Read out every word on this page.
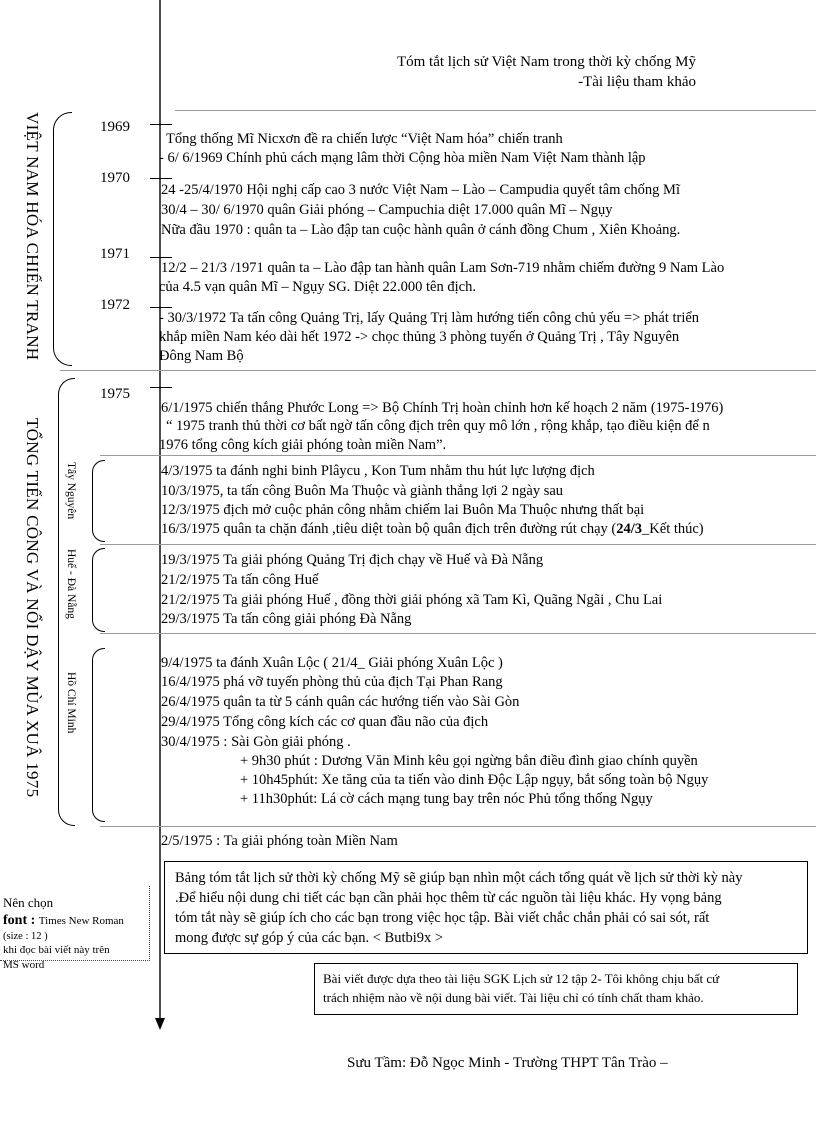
Tóm tắt lịch sử Việt Nam trong thời kỳ chống Mỹ
-Tài liệu tham khảo
VIỆT NAM HÓA CHIẾN TRANH
TỔNG TIẾN CÔNG VÀ NỔI DẬY MÙA XUÂ 1975 Tây Nguyên
Huế - Đà Nẵng
Hồ Chí Minh
1969
1970
1971
1972
1975
Tổng thống Mĩ Nicxơn đề ra chiến lược “Việt Nam hóa” chiến tranh
- 6/ 6/1969 Chính phủ cách mạng lâm thời Cộng hòa miền Nam Việt Nam thành lập
24 -25/4/1970 Hội nghị cấp cao 3 nước Việt Nam – Lào – Campudia quyết tâm chống Mĩ
30/4 – 30/ 6/1970 quân Giải phóng – Campuchia diệt 17.000 quân Mĩ – Ngụy
Nữa đầu 1970 : quân ta – Lào đập tan cuộc hành quân ở cánh đồng Chum , Xiên Khoảng.
12/2 – 21/3 /1971 quân ta – Lào đập tan hành quân Lam Sơn-719 nhằm chiếm đường 9 Nam Lào
của 4.5 vạn quân Mĩ – Ngụy SG. Diệt 22.000 tên địch.
- 30/3/1972 Ta tấn công Quảng Trị, lấy Quảng Trị làm hướng tiến công chủ yếu => phát triển
khắp miền Nam kéo dài hết 1972 -> chọc thủng 3 phòng tuyến ở Quảng Trị , Tây Nguyên
Đông Nam Bộ
6/1/1975 chiến thắng Phước Long => Bộ Chính Trị hoàn chỉnh hơn kế hoạch 2 năm (1975-1976)
“ 1975 tranh thủ thời cơ bất ngờ tấn công địch trên quy mô lớn , rộng khắp, tạo điều kiện để n
1976 tổng công kích giải phóng toàn miền Nam”.
4/3/1975 ta đánh nghi binh Plâycu , Kon Tum nhằm thu hút lực lượng địch
10/3/1975, ta tấn công Buôn Ma Thuộc và giành thắng lợi 2 ngày sau
12/3/1975 địch mở cuộc phản công nhằm chiếm lai Buôn Ma Thuộc nhưng thất bại
16/3/1975 quân ta chặn đánh ,tiêu diệt toàn bộ quân địch trên đường rút chạy (24/3_Kết thúc)
19/3/1975 Ta giải phóng Quảng Trị địch chạy về Huế và Đà Nẵng
21/2/1975 Ta tấn công Huế
21/2/1975 Ta giải phóng Huế , đồng thời giải phóng xã Tam Kì, Quãng Ngãi , Chu Lai
29/3/1975 Ta tấn công giải phóng Đà Nẵng
9/4/1975 ta đánh Xuân Lộc ( 21/4_ Giải phóng Xuân Lộc )
16/4/1975 phá vỡ tuyến phòng thủ của địch Tại Phan Rang
26/4/1975 quân ta từ 5 cánh quân các hướng tiến vào Sài Gòn
29/4/1975 Tổng công kích các cơ quan đầu não của địch
30/4/1975 : Sài Gòn giải phóng .
+ 9h30 phút : Dương Văn Minh kêu gọi ngừng bắn điều đình giao chính quyền
+ 10h45phút: Xe tăng của ta tiến vào dinh Độc Lập ngụy, bắt sống toàn bộ Ngụy
+ 11h30phút: Lá cờ cách mạng tung bay trên nóc Phủ tổng thống Ngụy
2/5/1975 : Ta giải phóng toàn Miền Nam
Bảng tóm tắt lịch sử thời kỳ chống Mỹ sẽ giúp bạn nhìn một cách tổng quát về lịch sử thời kỳ này
.Để hiểu nội dung chi tiết các bạn cần phải học thêm từ các nguồn tài liệu khác. Hy vọng bảng
tóm tắt này sẽ giúp ích cho các bạn trong việc học tập. Bài viết chắc chắn phải có sai sót, rất
mong được sự góp ý của các bạn. < Butbi9x >
Bài viết được dựa theo tài liệu SGK Lịch sử 12 tập 2- Tôi không chịu bất cứ
trách nhiệm nào về nội dung bài viết. Tài liệu chỉ có tính chất tham khảo.
Nên chọn
font : Times New Roman
(size : 12 )
khi đọc bài viết này trên
MS word
Sưu Tầm: Đỗ Ngọc Minh - Trường THPT Tân Trào –
